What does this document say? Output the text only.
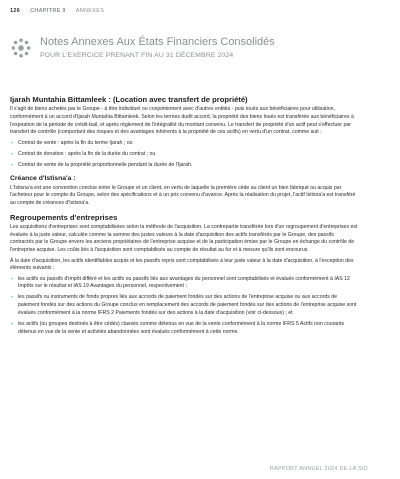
126 CHAPITRE 9 ANNEXES
Notes Annexes Aux États Financiers Consolidés
POUR L'EXERCICE PRENANT FIN AU 31 DÉCEMBRE 2024
Ijarah Muntahia Bittamleek : (Location avec transfert de propriété)

Il s'agit de biens achetés par le Groupe - à titre individuel ou conjointement avec d'autres entités - puis loués aux bénéficiaires pour utilisation, conformément à un accord d'Ijarah Muntahia Bittamleek. Selon les termes dudit accord, la propriété des biens loués est transférée aux bénéficiaires à l'expiration de la période de crédit-bail, et après règlement de l'intégralité du montant convenu. Le transfert de propriété d'un actif peut s'effectuer par transfert de contrôle (comportant des risques et des avantages inhérents à la propriété de ces actifs) en vertu d'un contrat, comme suit :

• Contrat de vente : après la fin du terme Ijarah ; ou
• Contrat de donation : après la fin de la durée du contrat ; ou
• Contrat de vente de la propriété proportionnelle pendant la durée de l'Ijarah.
Créance d'Istisna'a :

L'Istisna'a est une convention conclue entre le Groupe et un client, en vertu de laquelle la première cède au client un bien fabriqué ou acquis par l'acheteur pour le compte du Groupe, selon des spécifications et à un prix convenu d'avance. Après la réalisation du projet, l'actif Istisna'a est transféré au compte de créances d'Istisna'a.

Regroupements d'entreprises

Les acquisitions d'entreprises sont comptabilisées selon la méthode de l'acquisition. La contrepartie transférée lors d'un regroupement d'entreprises est évaluée à la juste valeur, calculée comme la somme des justes valeurs à la date d'acquisition des actifs transférés par le Groupe, des passifs contractés par le Groupe envers les anciens propriétaires de l'entreprise acquise et de la participation émise par le Groupe en échange du contrôle de l'entreprise acquise. Les coûts liés à l'acquisition sont comptabilisés au compte de résultat au fur et à mesure qu'ils sont encourus.

À la date d'acquisition, les actifs identifiables acquis et les passifs repris sont comptabilisés à leur juste valeur à la date d'acquisition, à l'exception des éléments suivants :

• les actifs ou passifs d'impôt différé et les actifs ou passifs liés aux avantages du personnel sont comptabilisés et évalués conformément à IAS 12 Impôts sur le résultat et IAS 19 Avantages du personnel, respectivement ;
• les passifs ou instruments de fonds propres liés aux accords de paiement fondés sur des actions de l'entreprise acquise ou aux accords de paiement fondés sur des actions du Groupe conclus en remplacement des accords de paiement fondés sur des actions de l'entreprise acquise sont évalués conformément à la norme IFRS 2 Paiements fondés sur des actions à la date d'acquisition (voir ci-dessous) ; et
• les actifs (ou groupes destinés à être cédés) classés comme détenus en vue de la vente conformément à la norme IFRS 5 Actifs non courants détenus en vue de la vente et activités abandonnées sont évalués conformément à cette norme.
RAPPORT ANNUEL 2024 DE LA SID
